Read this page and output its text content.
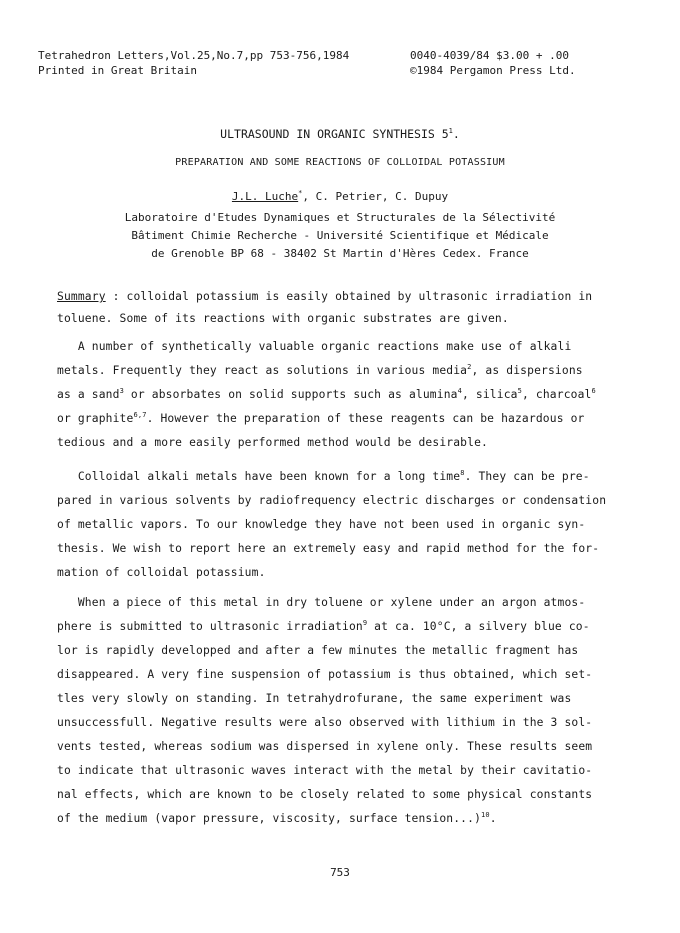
Tetrahedron Letters,Vol.25,No.7,pp 753-756,1984
Printed in Great Britain
0040-4039/84 $3.00 + .00
©1984 Pergamon Press Ltd.
ULTRASOUND IN ORGANIC SYNTHESIS $5^1$.
PREPARATION AND SOME REACTIONS OF COLLOIDAL POTASSIUM
J.L. Luche*, C. Petrier, C. Dupuy
Laboratoire d'Etudes Dynamiques et Structurales de la Sélectivité
Bâtiment Chimie Recherche - Université Scientifique et Médicale
de Grenoble BP 68 - 38402 St Martin d'Hères Cedex. France
Summary : colloidal potassium is easily obtained by ultrasonic irradiation in
toluene. Some of its reactions with organic substrates are given.
A number of synthetically valuable organic reactions make use of alkali
metals. Frequently they react as solutions in various media$^2$, as dispersions
as a sand$^3$ or absorbates on solid supports such as alumina$^4$, silica$^5$, charcoal$^6$
or graphite$^{6,7}$. However the preparation of these reagents can be hazardous or
tedious and a more easily performed method would be desirable.
Colloidal alkali metals have been known for a long time$^8$. They can be pre-
pared in various solvents by radiofrequency electric discharges or condensation
of metallic vapors. To our knowledge they have not been used in organic syn-
thesis. We wish to report here an extremely easy and rapid method for the for-
mation of colloidal potassium.
When a piece of this metal in dry toluene or xylene under an argon atmos-
phere is submitted to ultrasonic irradiation$^9$ at ca. 10°C, a silvery blue co-
lor is rapidly developped and after a few minutes the metallic fragment has
disappeared. A very fine suspension of potassium is thus obtained, which set-
tles very slowly on standing. In tetrahydrofurane, the same experiment was
unsuccessfull. Negative results were also observed with lithium in the 3 sol-
vents tested, whereas sodium was dispersed in xylene only. These results seem
to indicate that ultrasonic waves interact with the metal by their cavitatio-
nal effects, which are known to be closely related to some physical constants
of the medium (vapor pressure, viscosity, surface tension...)$^{10}$.
753
